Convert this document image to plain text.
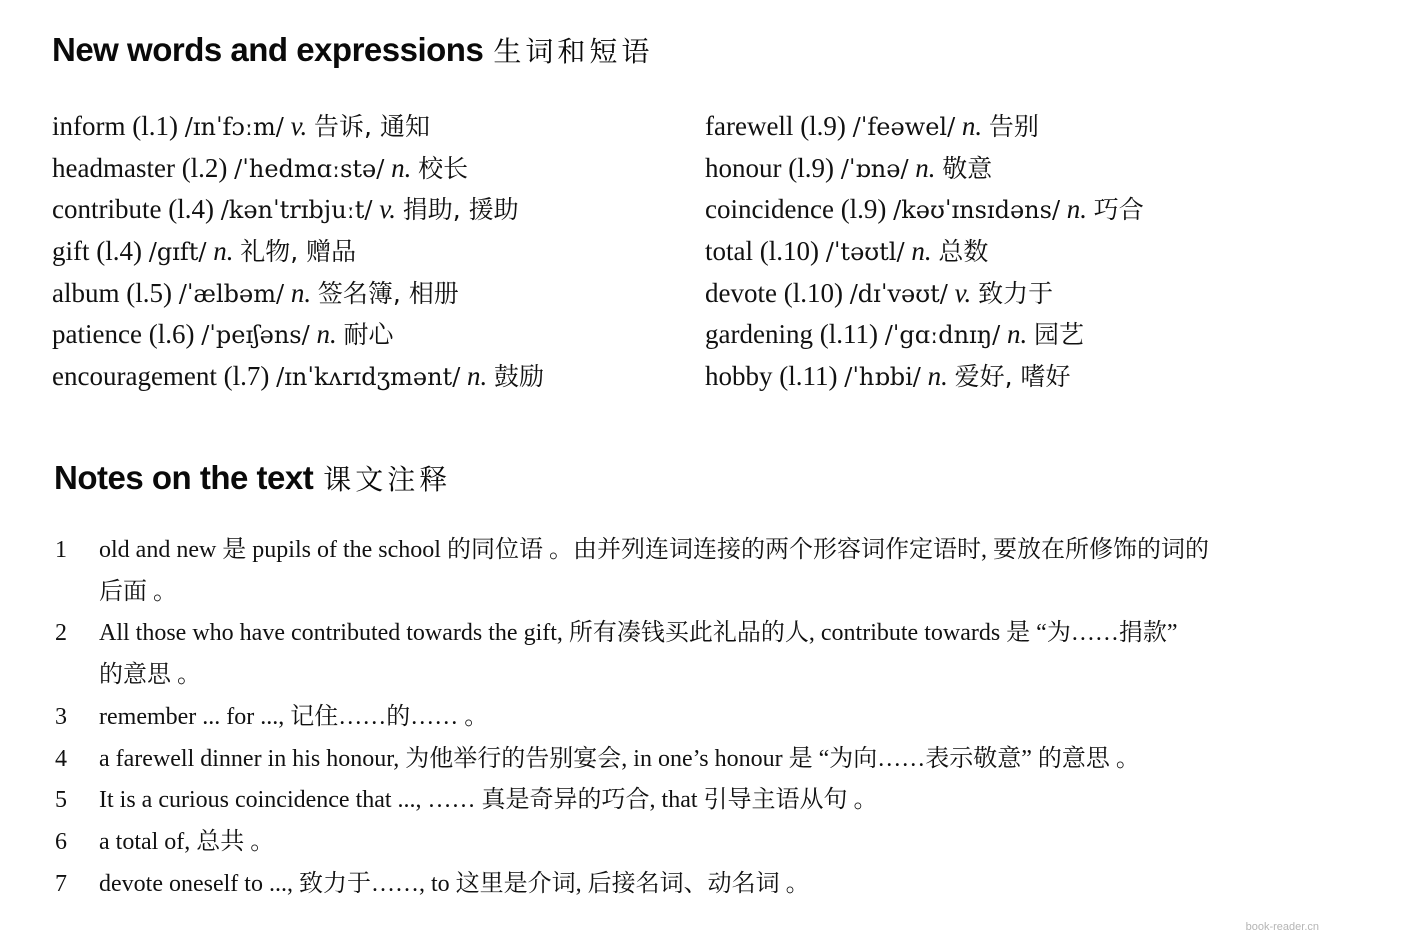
New words and expressions 生词和短语
inform (l.1) /ɪnˈfɔːm/ v. 告诉, 通知
headmaster (l.2) /ˈhedmɑːstə/ n. 校长
contribute (l.4) /kənˈtrɪbjuːt/ v. 捐助, 援助
gift (l.4) /gɪft/ n. 礼物, 赠品
album (l.5) /ˈælbəm/ n. 签名簿, 相册
patience (l.6) /ˈpeɪʃəns/ n. 耐心
encouragement (l.7) /ɪnˈkʌrɪdʒmənt/ n. 鼓励
farewell (l.9) /ˈfeəwel/ n. 告别
honour (l.9) /ˈɒnə/ n. 敬意
coincidence (l.9) /kəʊˈɪnsɪdəns/ n. 巧合
total (l.10) /ˈtəʊtl/ n. 总数
devote (l.10) /dɪˈvəʊt/ v. 致力于
gardening (l.11) /ˈgɑːdnɪŋ/ n. 园艺
hobby (l.11) /ˈhɒbi/ n. 爱好, 嗜好
Notes on the text 课文注释
1	old and new 是 pupils of the school 的同位语 。由并列连词连接的两个形容词作定语时, 要放在所修饰的词的
后面 。
2	All those who have contributed towards the gift, 所有凑钱买此礼品的人, contribute towards 是 “为……捐款”
的意思 。
3	remember ... for ..., 记住……的…… 。
4	a farewell dinner in his honour, 为他举行的告别宴会, in one’s honour 是 “为向……表示敬意” 的意思 。
5	It is a curious coincidence that ..., …… 真是奇异的巧合, that 引导主语从句 。
6	a total of, 总共 。
7	devote oneself to ..., 致力于……, to 这里是介词, 后接名词、动名词 。
book-reader.cn
